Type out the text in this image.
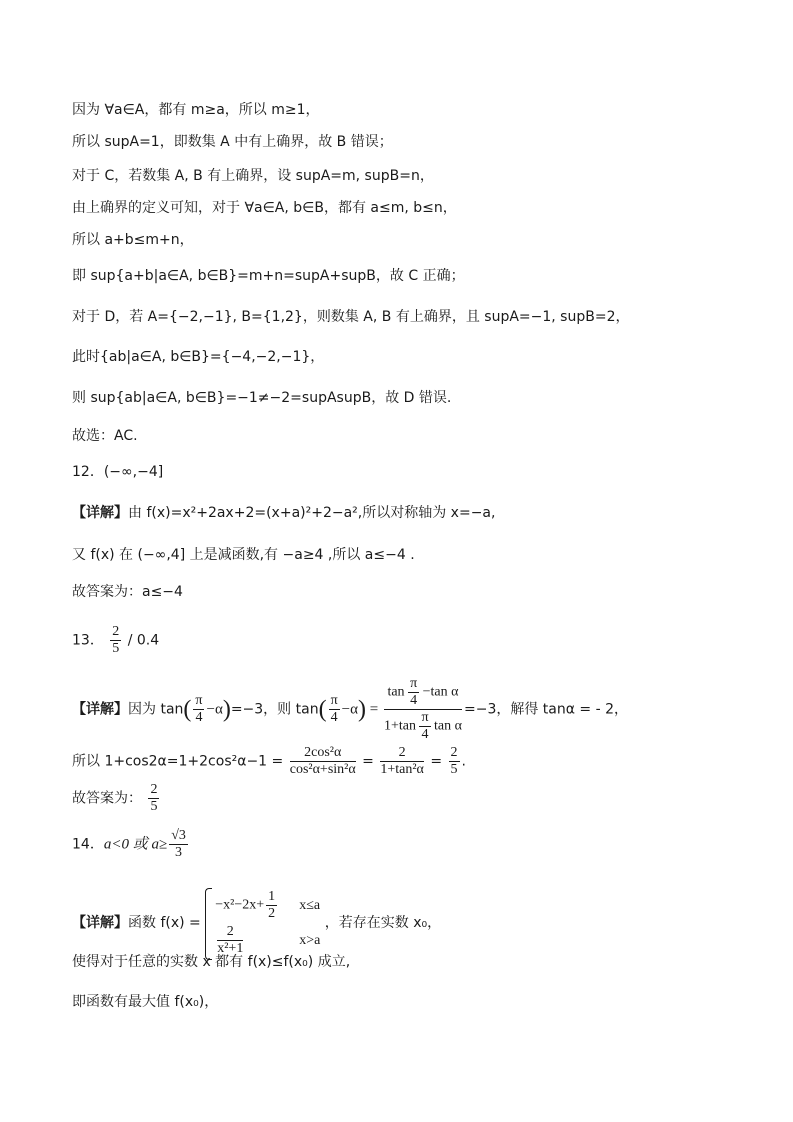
因为 ∀a∈A，都有 m≥a，所以 m≥1，
所以 supA=1，即数集 A 中有上确界，故 B 错误；
对于 C，若数集 A, B 有上确界，设 supA=m, supB=n，
由上确界的定义可知，对于 ∀a∈A, b∈B，都有 a≤m, b≤n，
所以 a+b≤m+n，
即 sup{a+b|a∈A, b∈B}=m+n=supA+supB，故 C 正确；
对于 D，若 A={−2,−1}, B={1,2}，则数集 A, B 有上确界，且 supA=−1, supB=2，
此时{ab|a∈A, b∈B}={−4,−2,−1}，
则 sup{ab|a∈A, b∈B}=−1≠−2=supAsupB，故 D 错误.
故选：AC.
12．(−∞,−4]
【详解】由 f(x)=x²+2ax+2=(x+a)²+2−a²,所以对称轴为 x=−a,
又 f(x) 在 (−∞,4] 上是减函数,有 −a≥4 ,所以 a≤−4 .
故答案为：a≤−4
13． $\frac{2}{5} / 0.4$
【详解】因为 $\tan( \frac{\pi}{4} -\alpha)=-3$，则 $\tan( \frac{\pi}{4} -\alpha) = \frac{\tan \frac{\pi}{4} -\tan \alpha}{1+\tan \frac{\pi}{4} \tan \alpha} =-3$，解得 tanα = - 2，
所以 $1+\cos 2\alpha=1+2\cos^2\alpha-1 = \frac{\text{2cos²α}}{\text{cos²α+sin²α}} = \frac{2}{\text{1+tan²α}} = \frac{2}{5}$ .
故答案为： $\frac{2}{5}$
14．a<0 或 $a\ge \frac{√3}{3}$
【详解】函数 f(x) =
$-x^2-2x+ \frac{1}{2} x\le a$
$\frac{2}{\text{x²+1}}$	x>a
，若存在实数 x₀，
使得对于任意的实数 x 都有 f(x)≤f(x₀) 成立,
即函数有最大值 f(x₀)，
